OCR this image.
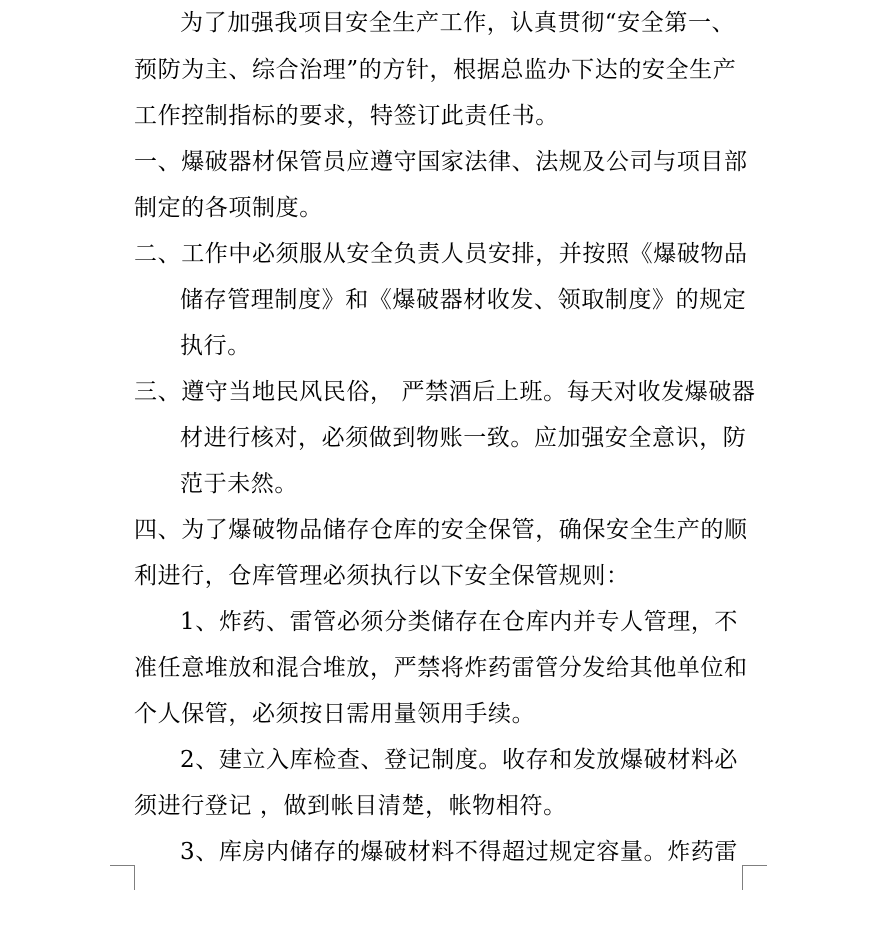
为了加强我项目安全生产工作，认真贯彻“安全第一、
预防为主、综合治理”的方针，根据总监办下达的安全生产
工作控制指标的要求，特签订此责任书。
一、爆破器材保管员应遵守国家法律、法规及公司与项目部
制定的各项制度。
二、工作中必须服从安全负责人员安排，并按照《爆破物品
储存管理制度》和《爆破器材收发、领取制度》的规定
执行。
三、遵守当地民风民俗， 严禁酒后上班。每天对收发爆破器
材进行核对，必须做到物账一致。应加强安全意识，防
范于未然。
四、为了爆破物品储存仓库的安全保管，确保安全生产的顺
利进行，仓库管理必须执行以下安全保管规则：
1、炸药、雷管必须分类储存在仓库内并专人管理，不
准任意堆放和混合堆放，严禁将炸药雷管分发给其他单位和
个人保管，必须按日需用量领用手续。
2、建立入库检查、登记制度。收存和发放爆破材料必
须进行登记 ，做到帐目清楚，帐物相符。
3、库房内储存的爆破材料不得超过规定容量。炸药雷
